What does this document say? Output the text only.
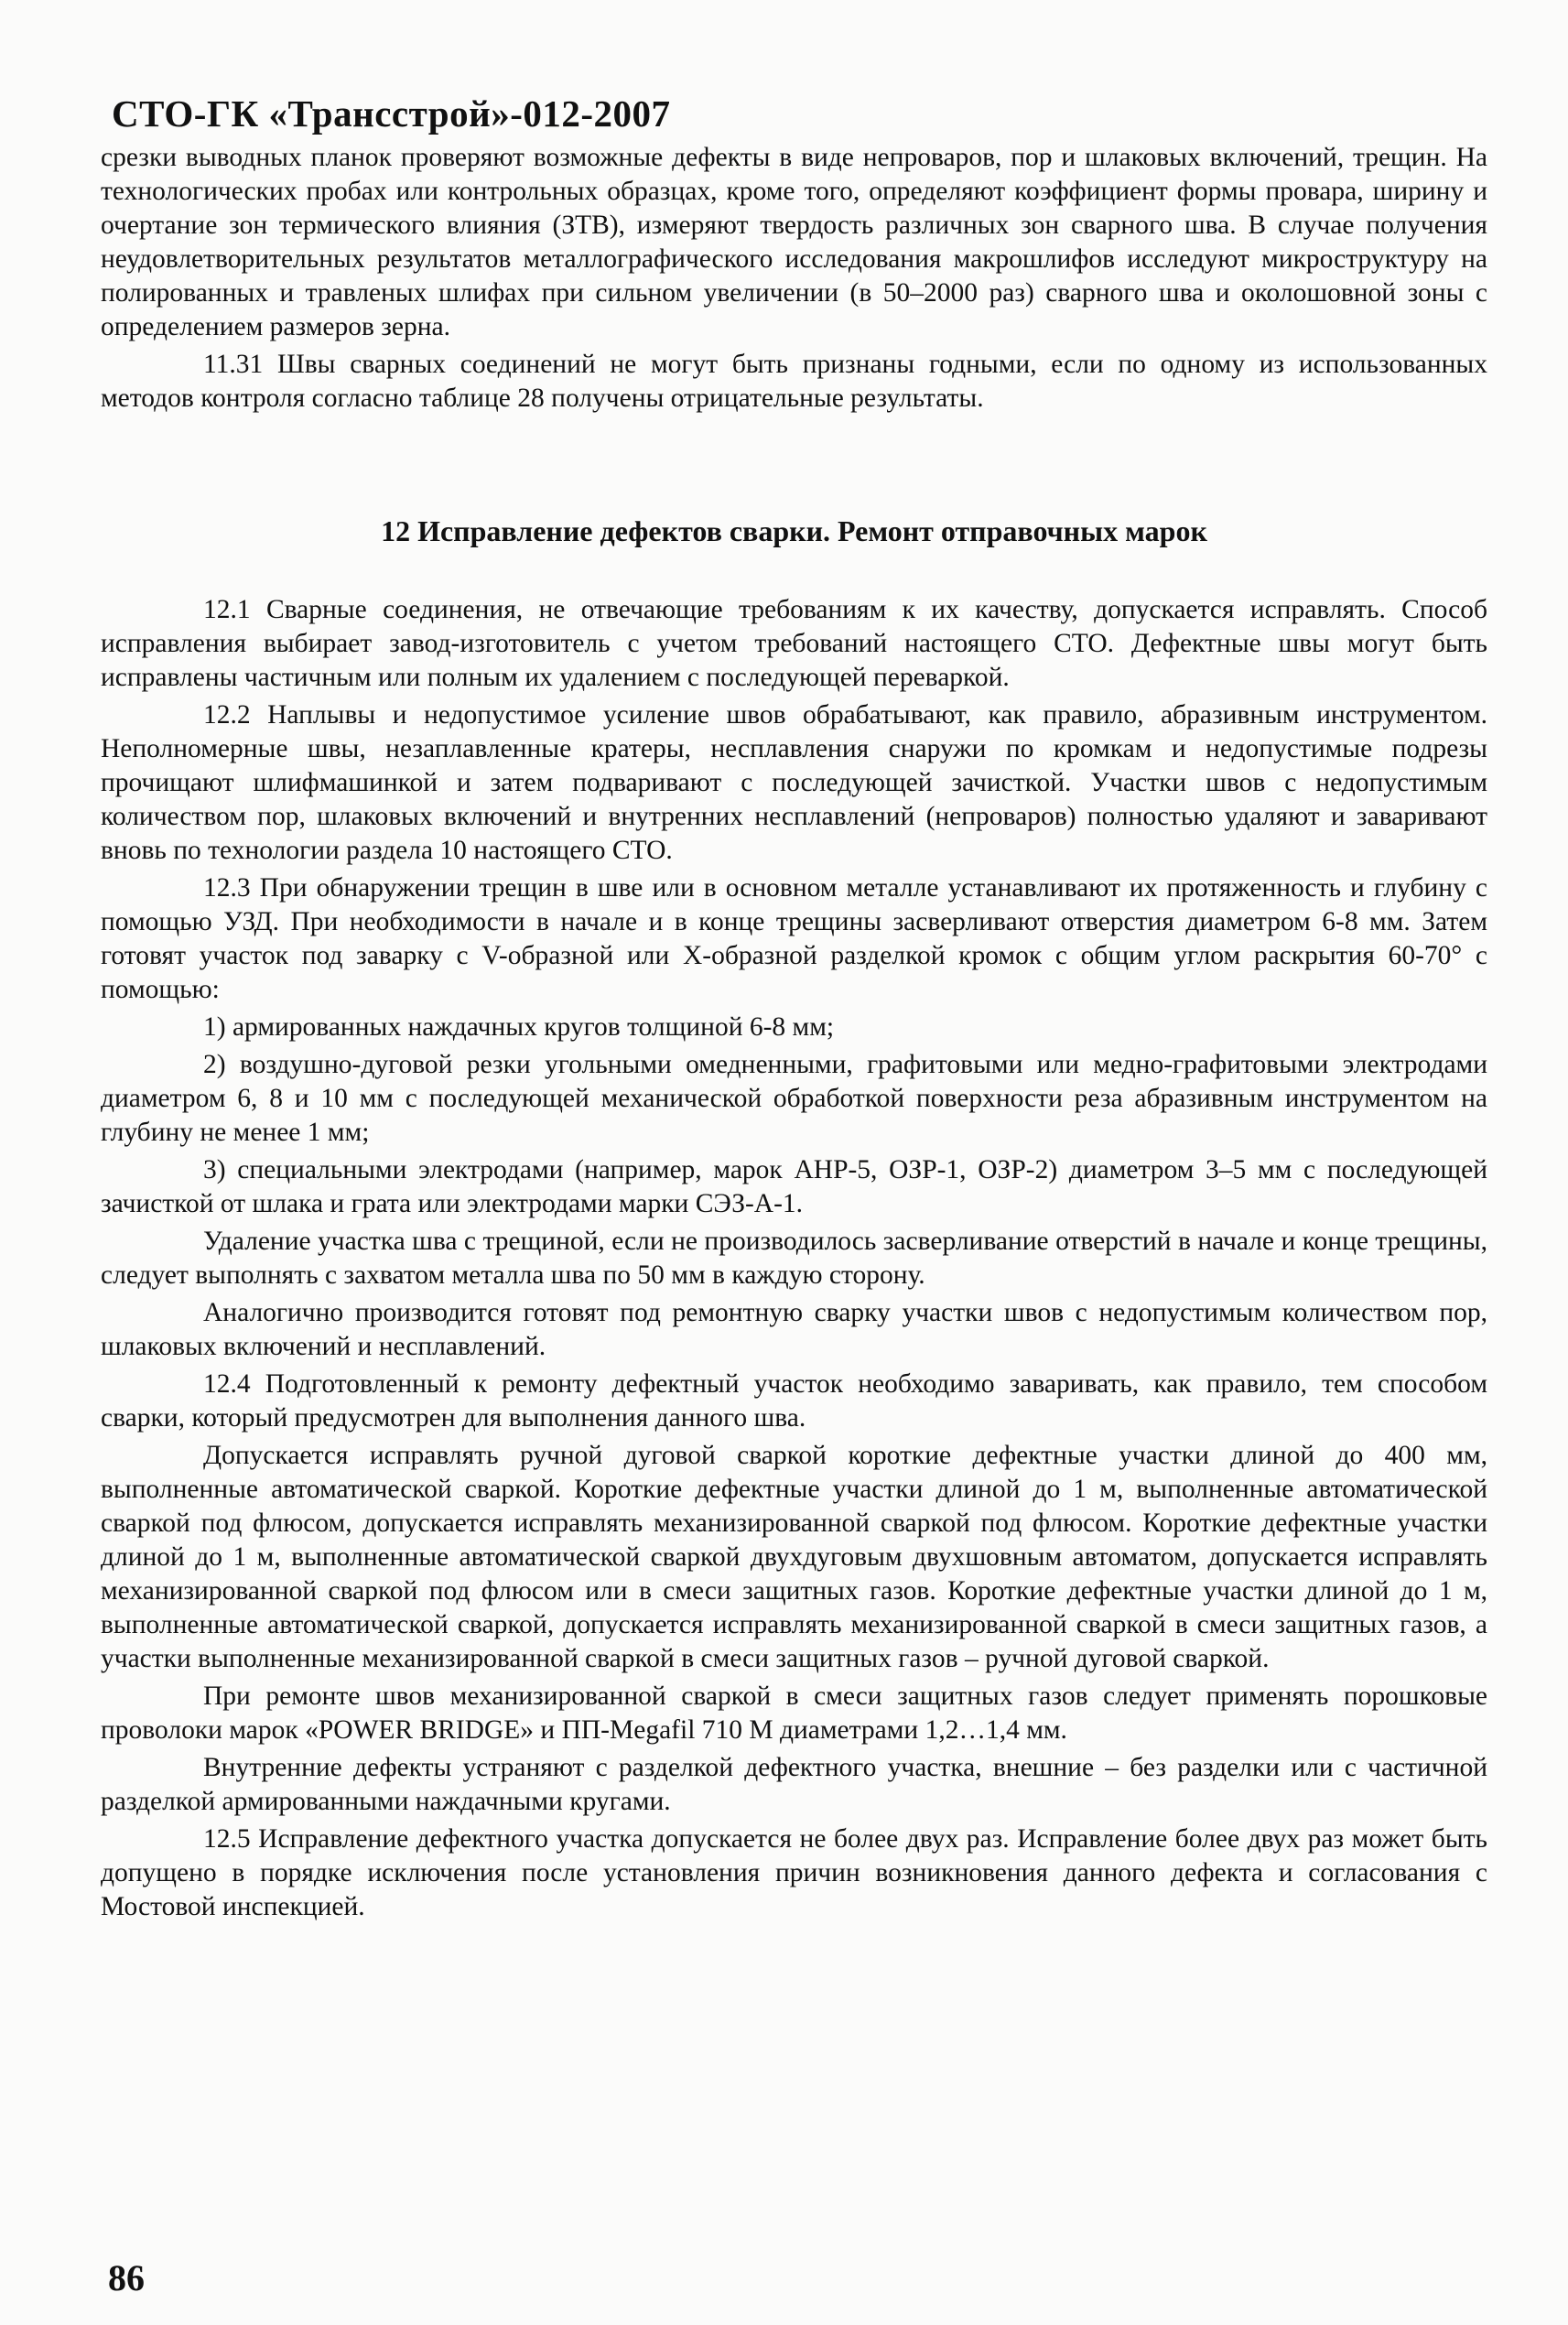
СТО-ГК «Трансстрой»-012-2007

срезки выводных планок проверяют возможные дефекты в виде непроваров, пор и шлаковых включений, трещин. На технологических пробах или контрольных образцах, кроме того, определяют коэффициент формы провара, ширину и очертание зон термического влияния (ЗТВ), измеряют твердость различных зон сварного шва. В случае получения неудовлетворительных результатов металлографического исследования макрошлифов исследуют микроструктуру на полированных и травленых шлифах при сильном увеличении (в 50–2000 раз) сварного шва и околошовной зоны с определением размеров зерна.

11.31 Швы сварных соединений не могут быть признаны годными, если по одному из использованных методов контроля согласно таблице 28 получены отрицательные результаты.

12 Исправление дефектов сварки. Ремонт отправочных марок

12.1 Сварные соединения, не отвечающие требованиям к их качеству, допускается исправлять. Способ исправления выбирает завод-изготовитель с учетом требований настоящего СТО. Дефектные швы могут быть исправлены частичным или полным их удалением с последующей переваркой.

12.2 Наплывы и недопустимое усиление швов обрабатывают, как правило, абразивным инструментом. Неполномерные швы, незаплавленные кратеры, несплавления снаружи по кромкам и недопустимые подрезы прочищают шлифмашинкой и затем подваривают с последующей зачисткой. Участки швов с недопустимым количеством пор, шлаковых включений и внутренних несплавлений (непроваров) полностью удаляют и заваривают вновь по технологии раздела 10 настоящего СТО.

12.3 При обнаружении трещин в шве или в основном металле устанавливают их протяженность и глубину с помощью УЗД. При необходимости в начале и в конце трещины засверливают отверстия диаметром 6-8 мм. Затем готовят участок под заварку с V-образной или X-образной разделкой кромок с общим углом раскрытия 60-70° с помощью:

1) армированных наждачных кругов толщиной 6-8 мм;

2) воздушно-дуговой резки угольными омедненными, графитовыми или медно-графитовыми электродами диаметром 6, 8 и 10 мм с последующей механической обработкой поверхности реза абразивным инструментом на глубину не менее 1 мм;

3) специальными электродами (например, марок АНР-5, ОЗР-1, ОЗР-2) диаметром 3–5 мм с последующей зачисткой от шлака и грата или электродами марки СЭЗ-А-1.

Удаление участка шва с трещиной, если не производилось засверливание отверстий в начале и конце трещины, следует выполнять с захватом металла шва по 50 мм в каждую сторону.

Аналогично производится готовят под ремонтную сварку участки швов с недопустимым количеством пор, шлаковых включений и несплавлений.

12.4 Подготовленный к ремонту дефектный участок необходимо заваривать, как правило, тем способом сварки, который предусмотрен для выполнения данного шва.

Допускается исправлять ручной дуговой сваркой короткие дефектные участки длиной до 400 мм, выполненные автоматической сваркой. Короткие дефектные участки длиной до 1 м, выполненные автоматической сваркой под флюсом, допускается исправлять механизированной сваркой под флюсом. Короткие дефектные участки длиной до 1 м, выполненные автоматической сваркой двухдуговым двухшовным автоматом, допускается исправлять механизированной сваркой под флюсом или в смеси защитных газов. Короткие дефектные участки длиной до 1 м, выполненные автоматической сваркой, допускается исправлять механизированной сваркой в смеси защитных газов, а участки выполненные механизированной сваркой в смеси защитных газов – ручной дуговой сваркой.

При ремонте швов механизированной сваркой в смеси защитных газов следует применять порошковые проволоки марок «POWER BRIDGE» и ПП-Megafil 710 М диаметрами 1,2…1,4 мм.

Внутренние дефекты устраняют с разделкой дефектного участка, внешние – без разделки или с частичной разделкой армированными наждачными кругами.

12.5 Исправление дефектного участка допускается не более двух раз. Исправление более двух раз может быть допущено в порядке исключения после установления причин возникновения данного дефекта и согласования с Мостовой инспекцией.

86
